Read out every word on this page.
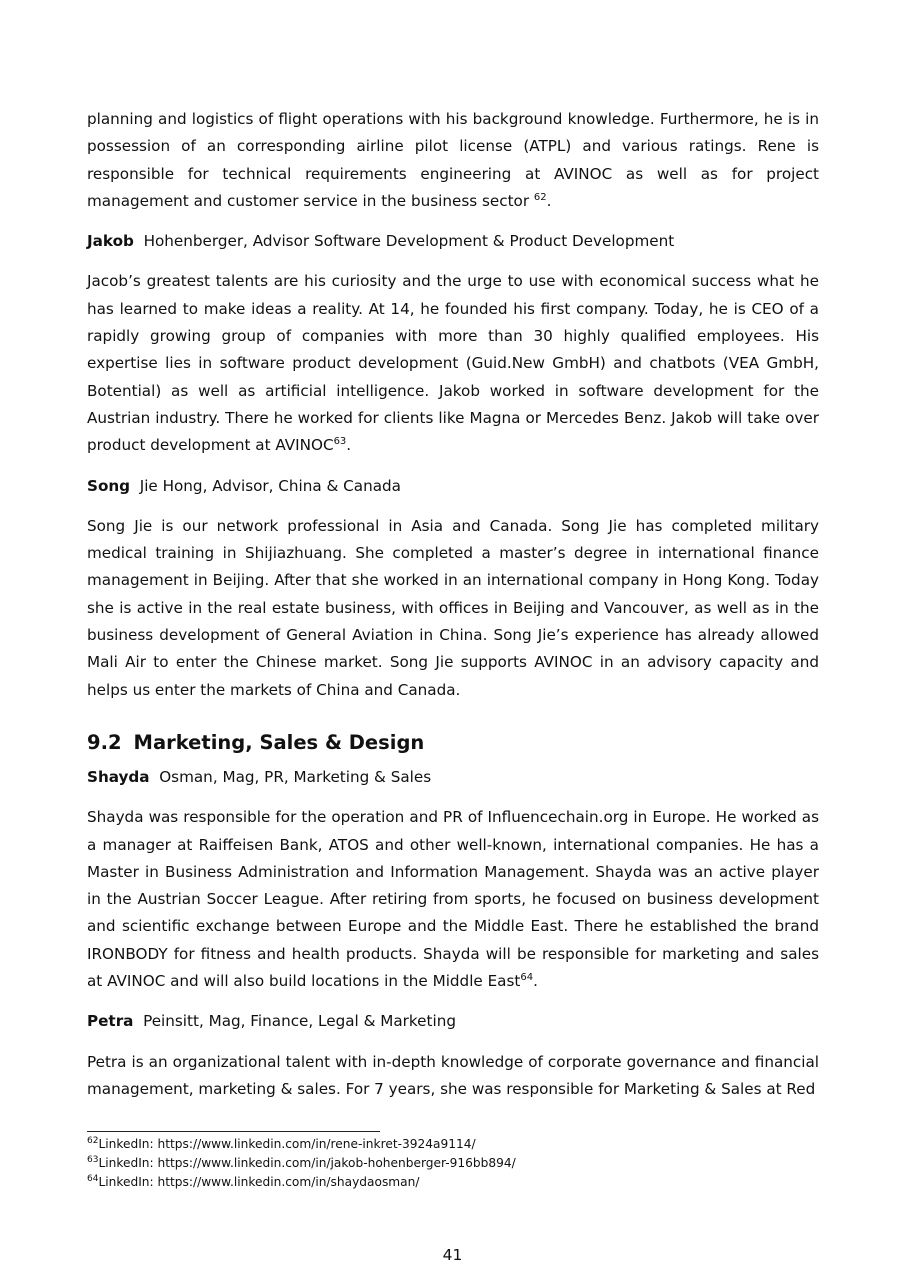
planning and logistics of flight operations with his background knowledge. Furthermore, he is in possession of an corresponding airline pilot license (ATPL) and various ratings. Rene is responsible for technical requirements engineering at AVINOC as well as for project management and customer service in the business sector $^{62}$.

Jakob Hohenberger, Advisor Software Development & Product Development

Jacob’s greatest talents are his curiosity and the urge to use with economical success what he has learned to make ideas a reality. At 14, he founded his first company. Today, he is CEO of a rapidly growing group of companies with more than 30 highly qualified employees. His expertise lies in software product development (Guid.New GmbH) and chatbots (VEA GmbH, Botential) as well as artificial intelligence. Jakob worked in software development for the Austrian industry. There he worked for clients like Magna or Mercedes Benz. Jakob will take over product development at AVINOC$^{63}$.

Song Jie Hong, Advisor, China & Canada

Song Jie is our network professional in Asia and Canada. Song Jie has completed military medical training in Shijiazhuang. She completed a master’s degree in international finance management in Beijing. After that she worked in an international company in Hong Kong. Today she is active in the real estate business, with offices in Beijing and Vancouver, as well as in the business development of General Aviation in China. Song Jie’s experience has already allowed Mali Air to enter the Chinese market. Song Jie supports AVINOC in an advisory capacity and helps us enter the markets of China and Canada.

9.2 Marketing, Sales & Design
Shayda Osman, Mag, PR, Marketing & Sales

Shayda was responsible for the operation and PR of Influencechain.org in Europe. He worked as a manager at Raiffeisen Bank, ATOS and other well-known, international companies. He has a Master in Business Administration and Information Management. Shayda was an active player in the Austrian Soccer League. After retiring from sports, he focused on business development and scientific exchange between Europe and the Middle East. There he established the brand IRONBODY for fitness and health products. Shayda will be responsible for marketing and sales at AVINOC and will also build locations in the Middle East$^{64}$.

Petra Peinsitt, Mag, Finance, Legal & Marketing

Petra is an organizational talent with in-depth knowledge of corporate governance and financial management, marketing & sales. For 7 years, she was responsible for Marketing & Sales at Red

$^{62}$LinkedIn: https://www.linkedin.com/in/rene-inkret-3924a9114/
$^{63}$LinkedIn: https://www.linkedin.com/in/jakob-hohenberger-916bb894/
$^{64}$LinkedIn: https://www.linkedin.com/in/shaydaosman/
41
